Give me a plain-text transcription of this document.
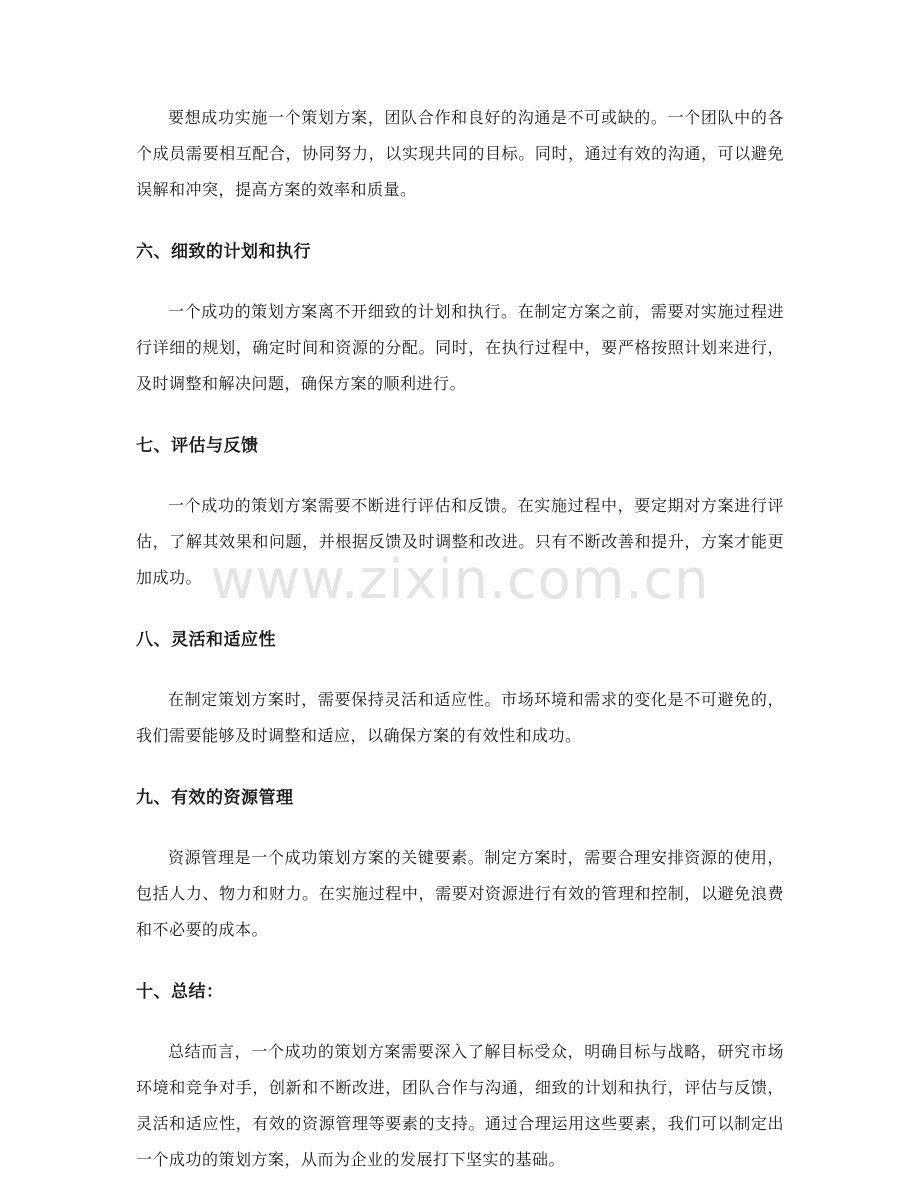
要想成功实施一个策划方案，团队合作和良好的沟通是不可或缺的。一个团队中的各个成员需要相互配合，协同努力，以实现共同的目标。同时，通过有效的沟通，可以避免误解和冲突，提高方案的效率和质量。

六、细致的计划和执行

一个成功的策划方案离不开细致的计划和执行。在制定方案之前，需要对实施过程进行详细的规划，确定时间和资源的分配。同时，在执行过程中，要严格按照计划来进行，及时调整和解决问题，确保方案的顺利进行。

七、评估与反馈

一个成功的策划方案需要不断进行评估和反馈。在实施过程中，要定期对方案进行评估，了解其效果和问题，并根据反馈及时调整和改进。只有不断改善和提升，方案才能更加成功。

八、灵活和适应性

在制定策划方案时，需要保持灵活和适应性。市场环境和需求的变化是不可避免的，我们需要能够及时调整和适应，以确保方案的有效性和成功。

九、有效的资源管理

资源管理是一个成功策划方案的关键要素。制定方案时，需要合理安排资源的使用，包括人力、物力和财力。在实施过程中，需要对资源进行有效的管理和控制，以避免浪费和不必要的成本。

十、总结：

总结而言，一个成功的策划方案需要深入了解目标受众，明确目标与战略，研究市场环境和竞争对手，创新和不断改进，团队合作与沟通，细致的计划和执行，评估与反馈，灵活和适应性，有效的资源管理等要素的支持。通过合理运用这些要素，我们可以制定出一个成功的策划方案，从而为企业的发展打下坚实的基础。

www.zixin.com.cn
